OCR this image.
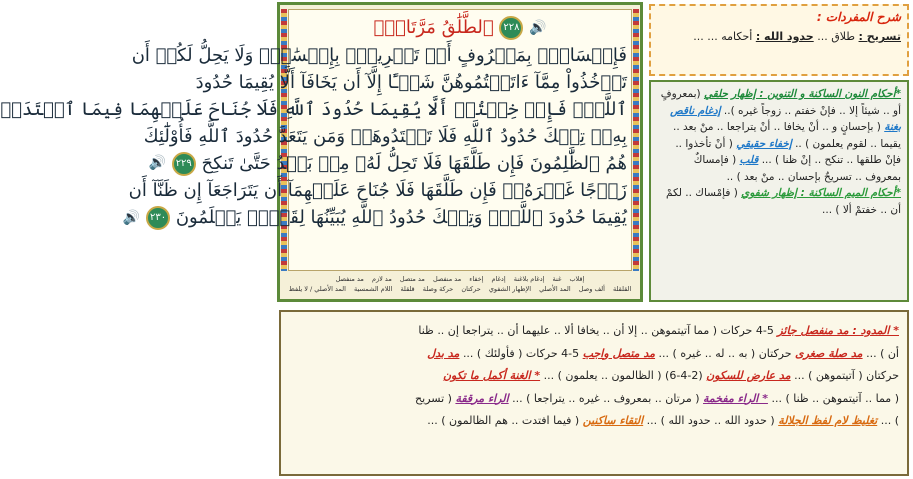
🔊 ٢٢٨ ٱلطَّلَٰقُ مَرَّتَانِۖ
فَإِمۡسَاكُۢ بِمَعۡرُوفٍ أَوۡ تَسۡرِيحُۢ بِإِحۡسَٰنٖۗ وَلَا يَحِلُّ لَكُمۡ أَن
تَأۡخُذُواْ مِمَّآ ءَاتَيۡتُمُوهُنَّ شَيۡـًٔا إِلَّآ أَن يَخَافَآ أَلَّا يُقِيمَا حُدُودَ
ٱللَّهِۖ فَإِنۡ خِفۡتُمۡ أَلَّا يُقِيمَا حُدُودَ ٱللَّهِ فَلَا جُنَاحَ عَلَيۡهِمَا فِيمَا ٱفۡتَدَتۡ
بِهِۦۗ تِلۡكَ حُدُودُ ٱللَّهِ فَلَا تَعۡتَدُوهَاۚ وَمَن يَتَعَدَّ حُدُودَ ٱللَّهِ فَأُوْلَٰٓئِكَ
هُمُ ٱلظَّٰلِمُونَ فَإِن طَلَّقَهَا فَلَا تَحِلُّ لَهُۥ مِنۢ بَعۡدُ حَتَّىٰ تَنكِحَ ٢٢٩ 🔊
زَوۡجًا غَيۡرَهُۥۗ فَإِن طَلَّقَهَا فَلَا جُنَاحَ عَلَيۡهِمَآ أَن يَتَرَاجَعَآ إِن ظَنَّآ أَن
يُقِيمَا حُدُودَ ٱللَّهِۗ وَتِلۡكَ حُدُودُ ٱللَّهِ يُبَيِّنُهَا لِقَوۡمٖ يَعۡلَمُونَ ٢٣٠ 🔊
إقلاب غنة إدغام بلاغنة إدغام إخفاء مد منفصل مد متصل مد لازم مد منفصل
القلقلة ألف وصل المد الأصلي الإظهار الشفوي حركتان حركة وصلة قلقلة اللام الشمسية المد الأصلي / لا يلفظ
شرح المفردات :
تسريح : طلاق ... حدود الله : أحكامه ... ...
*أحكام النون الساكنة و التنوين : إظهار حلقي (بمعروفٍ أو .. شيئاً إلا .. فإنْ خفتم .. زوجاً غيره ).. إدغام ناقص بغنة ( بإحسانٍ و .. أنْ يخافا .. أنْ يتراجعا .. منْ بعد .. يقيما .. لقوم يعلمون ) .. إخفاء حقيقي ( أنْ تأخذوا .. فإنْ طلقها .. تنكح .. إنْ ظنا ) ... قلب ( فإمساكٌ بمعروف .. تسريحٌ بإحسان .. منْ بعد ) ..
*أحكام الميم الساكنة : إظهار شفوي ( فإمْساك .. لكمْ أن .. خفتمْ ألا ) ...
* المدود : مد منفصل جائز 5-4 حركات ( مما آتيتموهن .. إلا أن .. يخافا ألا .. عليهما أن .. يتراجعا إن .. ظنا
أن ) ... مد صلة صغرى حركتان ( به .. له .. غيره ) ... مد متصل واجب 5-4 حركات ( فأولئك ) ... مد بدل
حركتان ( آتيتموهن ) ... مد عارض للسكون (2-4-6) ( الظالمون .. يعلمون ) ... * الغنة أكمل ما تكون
( مما .. آتيتموهن .. ظنا ) ... * الراء مفخمة ( مرتان .. بمعروف .. غيره .. يتراجعا ) ... الراء مرققة ( تسريح
) ... تغليظ لام لفظ الجلالة ( حدود الله .. حدود الله ) ... التقاء ساكنين ( فيما افتدت .. هم الظالمون ) ...
